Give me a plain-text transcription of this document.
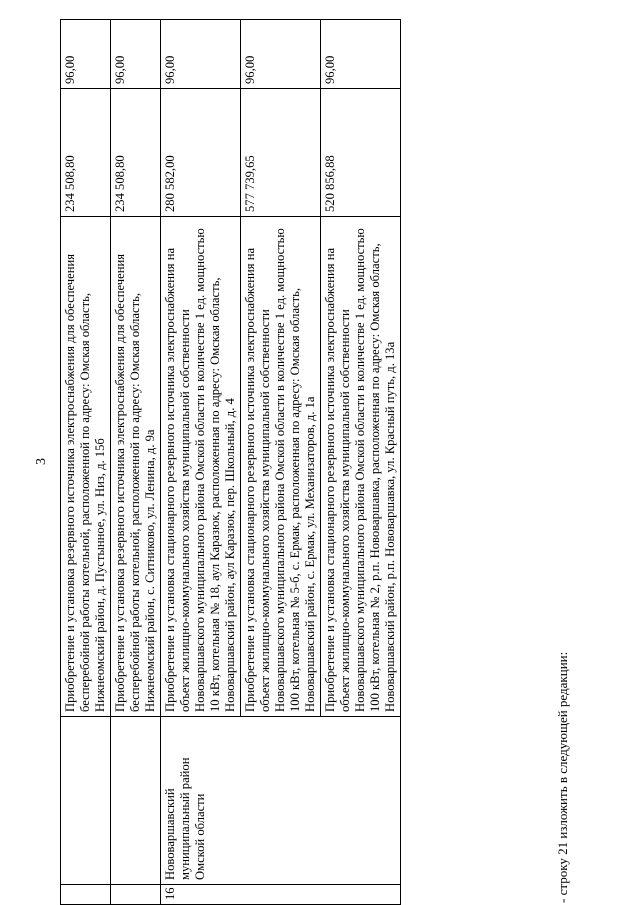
3
		Приобретение и установка резервного источника электроснабжения для обеспечения бесперебойной работы котельной, расположенной по адресу: Омская область, Нижнеомский район, д. Пустынное, ул. Низ, д. 15б	234 508,80	96,00
		Приобретение и установка резервного источника электроснабжения для обеспечения бесперебойной работы котельной, расположенной по адресу: Омская область, Нижнеомский район, с. Ситниково, ул. Ленина, д. 9а	234 508,80	96,00
16	Нововаршавский муниципальный район Омской области	Приобретение и установка стационарного резервного источника электроснабжения на объект жилищно-коммунального хозяйства муниципальной собственности Нововаршавского муниципального района Омской области в количестве 1 ед. мощностью 10 кВт, котельная № 18, аул Каразюк, расположенная по адресу: Омская область, Нововаршавский район, аул Каразюк, пер. Школьный, д. 4	280 582,00	96,00
		Приобретение и установка стационарного резервного источника электроснабжения на объект жилищно-коммунального хозяйства муниципальной собственности Нововаршавского муниципального района Омской области в количестве 1 ед. мощностью 100 кВт, котельная № 5-б, с. Ермак, расположенная по адресу: Омская область, Нововаршавский район, с. Ермак, ул. Механизаторов, д. 1а	577 739,65	96,00
		Приобретение и установка стационарного резервного источника электроснабжения на объект жилищно-коммунального хозяйства муниципальной собственности Нововаршавского муниципального района Омской области в количестве 1 ед. мощностью 100 кВт, котельная № 2, р.п. Нововаршавка, расположенная по адресу: Омская область, Нововаршавский район, р.п. Нововаршавка, ул. Красный путь, д. 13а	520 856,88	96,00
- строку 21 изложить в следующей редакции:
